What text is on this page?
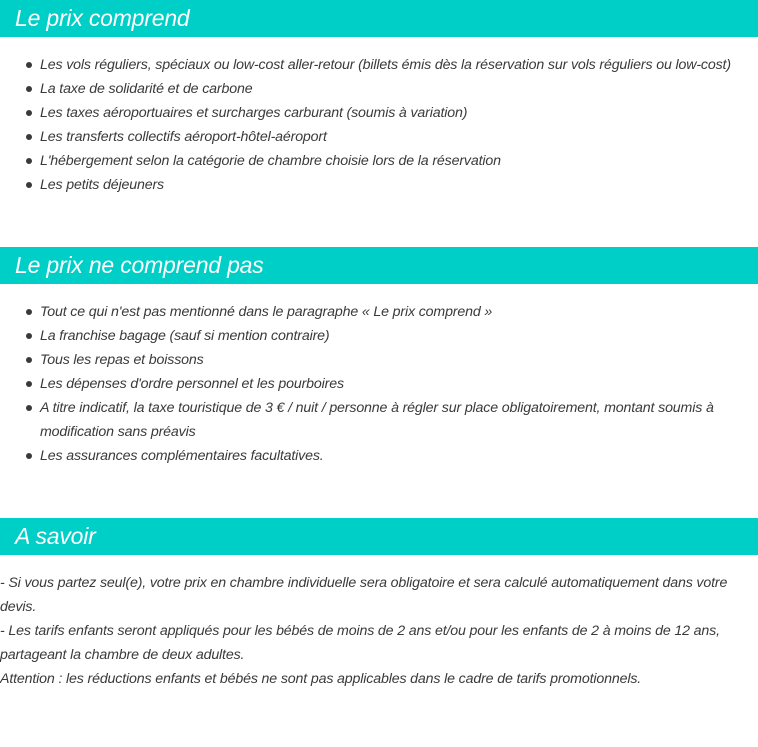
Le prix comprend
Les vols réguliers, spéciaux ou low-cost aller-retour (billets émis dès la réservation sur vols réguliers ou low-cost)
La taxe de solidarité et de carbone
Les taxes aéroportuaires et surcharges carburant (soumis à variation)
Les transferts collectifs aéroport-hôtel-aéroport
L'hébergement selon la catégorie de chambre choisie lors de la réservation
Les petits déjeuners
Le prix ne comprend pas
Tout ce qui n'est pas mentionné dans le paragraphe « Le prix comprend »
La franchise bagage (sauf si mention contraire)
Tous les repas et boissons
Les dépenses d'ordre personnel et les pourboires
A titre indicatif, la taxe touristique de 3 € / nuit / personne à régler sur place obligatoirement, montant soumis à modification sans préavis
Les assurances complémentaires facultatives.
A savoir

- Si vous partez seul(e), votre prix en chambre individuelle sera obligatoire et sera calculé automatiquement dans votre devis.

- Les tarifs enfants seront appliqués pour les bébés de moins de 2 ans et/ou pour les enfants de 2 à moins de 12 ans, partageant la chambre de deux adultes.

Attention : les réductions enfants et bébés ne sont pas applicables dans le cadre de tarifs promotionnels.
